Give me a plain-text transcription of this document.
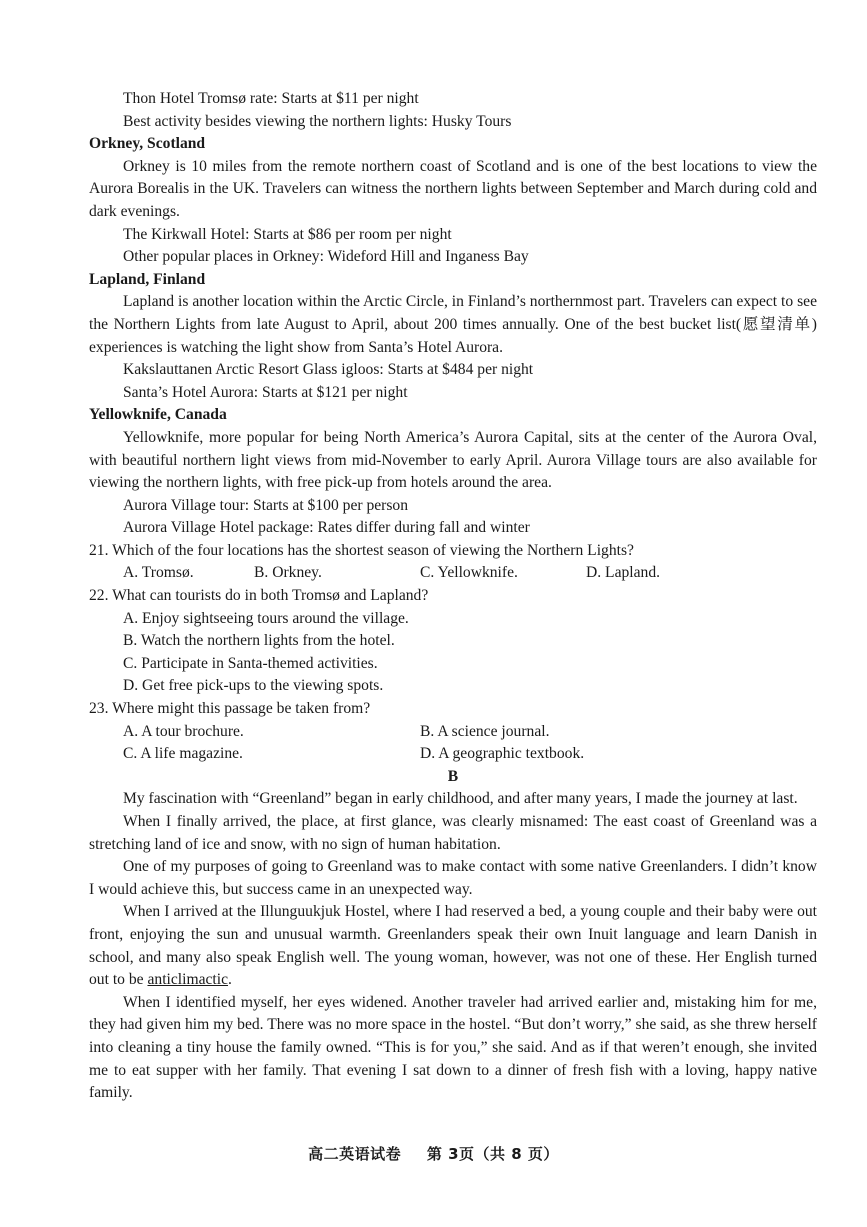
Thon Hotel Tromsø rate: Starts at $11 per night

Best activity besides viewing the northern lights: Husky Tours

Orkney, Scotland

Orkney is 10 miles from the remote northern coast of Scotland and is one of the best locations to view the Aurora Borealis in the UK. Travelers can witness the northern lights between September and March during cold and dark evenings.

The Kirkwall Hotel: Starts at $86 per room per night

Other popular places in Orkney: Wideford Hill and Inganess Bay

Lapland, Finland

Lapland is another location within the Arctic Circle, in Finland’s northernmost part. Travelers can expect to see the Northern Lights from late August to April, about 200 times annually. One of the best bucket list(愿望清单) experiences is watching the light show from Santa’s Hotel Aurora.

Kakslauttanen Arctic Resort Glass igloos: Starts at $484 per night

Santa’s Hotel Aurora: Starts at $121 per night

Yellowknife, Canada

Yellowknife, more popular for being North America’s Aurora Capital, sits at the center of the Aurora Oval, with beautiful northern light views from mid-November to early April. Aurora Village tours are also available for viewing the northern lights, with free pick-up from hotels around the area.

Aurora Village tour: Starts at $100 per person

Aurora Village Hotel package: Rates differ during fall and winter

21. Which of the four locations has the shortest season of viewing the Northern Lights?

A. Tromsø.	B. Orkney.	C. Yellowknife.	D. Lapland.

22. What can tourists do in both Tromsø and Lapland?

A. Enjoy sightseeing tours around the village.

B. Watch the northern lights from the hotel.

C. Participate in Santa-themed activities.

D. Get free pick-ups to the viewing spots.

23. Where might this passage be taken from?

A. A tour brochure.	B. A science journal.
C. A life magazine.	D. A geographic textbook.

B

My fascination with “Greenland” began in early childhood, and after many years, I made the journey at last.

When I finally arrived, the place, at first glance, was clearly misnamed: The east coast of Greenland was a stretching land of ice and snow, with no sign of human habitation.

One of my purposes of going to Greenland was to make contact with some native Greenlanders. I didn’t know I would achieve this, but success came in an unexpected way.

When I arrived at the Illunguukjuk Hostel, where I had reserved a bed, a young couple and their baby were out front, enjoying the sun and unusual warmth. Greenlanders speak their own Inuit language and learn Danish in school, and many also speak English well. The young woman, however, was not one of these. Her English turned out to be anticlimactic.

When I identified myself, her eyes widened. Another traveler had arrived earlier and, mistaking him for me, they had given him my bed. There was no more space in the hostel. “But don’t worry,” she said, as she threw herself into cleaning a tiny house the family owned. “This is for you,” she said. And as if that weren’t enough, she invited me to eat supper with her family. That evening I sat down to a dinner of fresh fish with a loving, happy native family.

高二英语试卷 第 3页（共 8 页）
